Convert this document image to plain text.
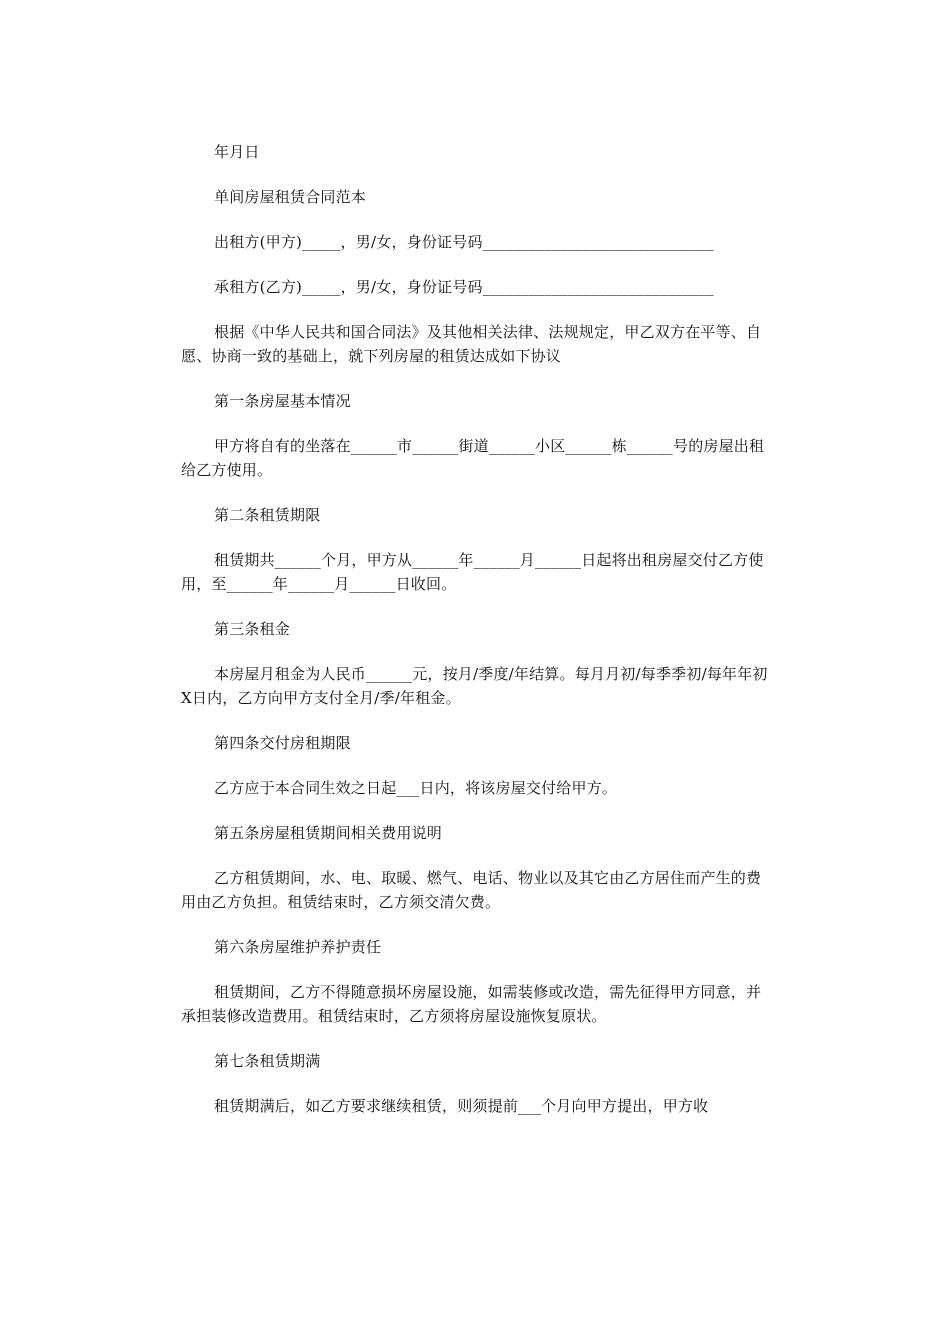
年月日

单间房屋租赁合同范本

出租方(甲方)_____，男/女，身份证号码______________________________

承租方(乙方)_____，男/女，身份证号码______________________________

根据《中华人民共和国合同法》及其他相关法律、法规规定，甲乙双方在平等、自愿、协商一致的基础上，就下列房屋的租赁达成如下协议

第一条房屋基本情况

甲方将自有的坐落在______市______街道______小区______栋______号的房屋出租给乙方使用。

第二条租赁期限

租赁期共______个月，甲方从______年______月______日起将出租房屋交付乙方使用，至______年______月______日收回。

第三条租金

本房屋月租金为人民币______元，按月/季度/年结算。每月月初/每季季初/每年年初X日内，乙方向甲方支付全月/季/年租金。

第四条交付房租期限

乙方应于本合同生效之日起___日内，将该房屋交付给甲方。

第五条房屋租赁期间相关费用说明

乙方租赁期间，水、电、取暖、燃气、电话、物业以及其它由乙方居住而产生的费用由乙方负担。租赁结束时，乙方须交清欠费。

第六条房屋维护养护责任

租赁期间，乙方不得随意损坏房屋设施，如需装修或改造，需先征得甲方同意，并承担装修改造费用。租赁结束时，乙方须将房屋设施恢复原状。

第七条租赁期满

租赁期满后，如乙方要求继续租赁，则须提前___个月向甲方提出，甲方收
